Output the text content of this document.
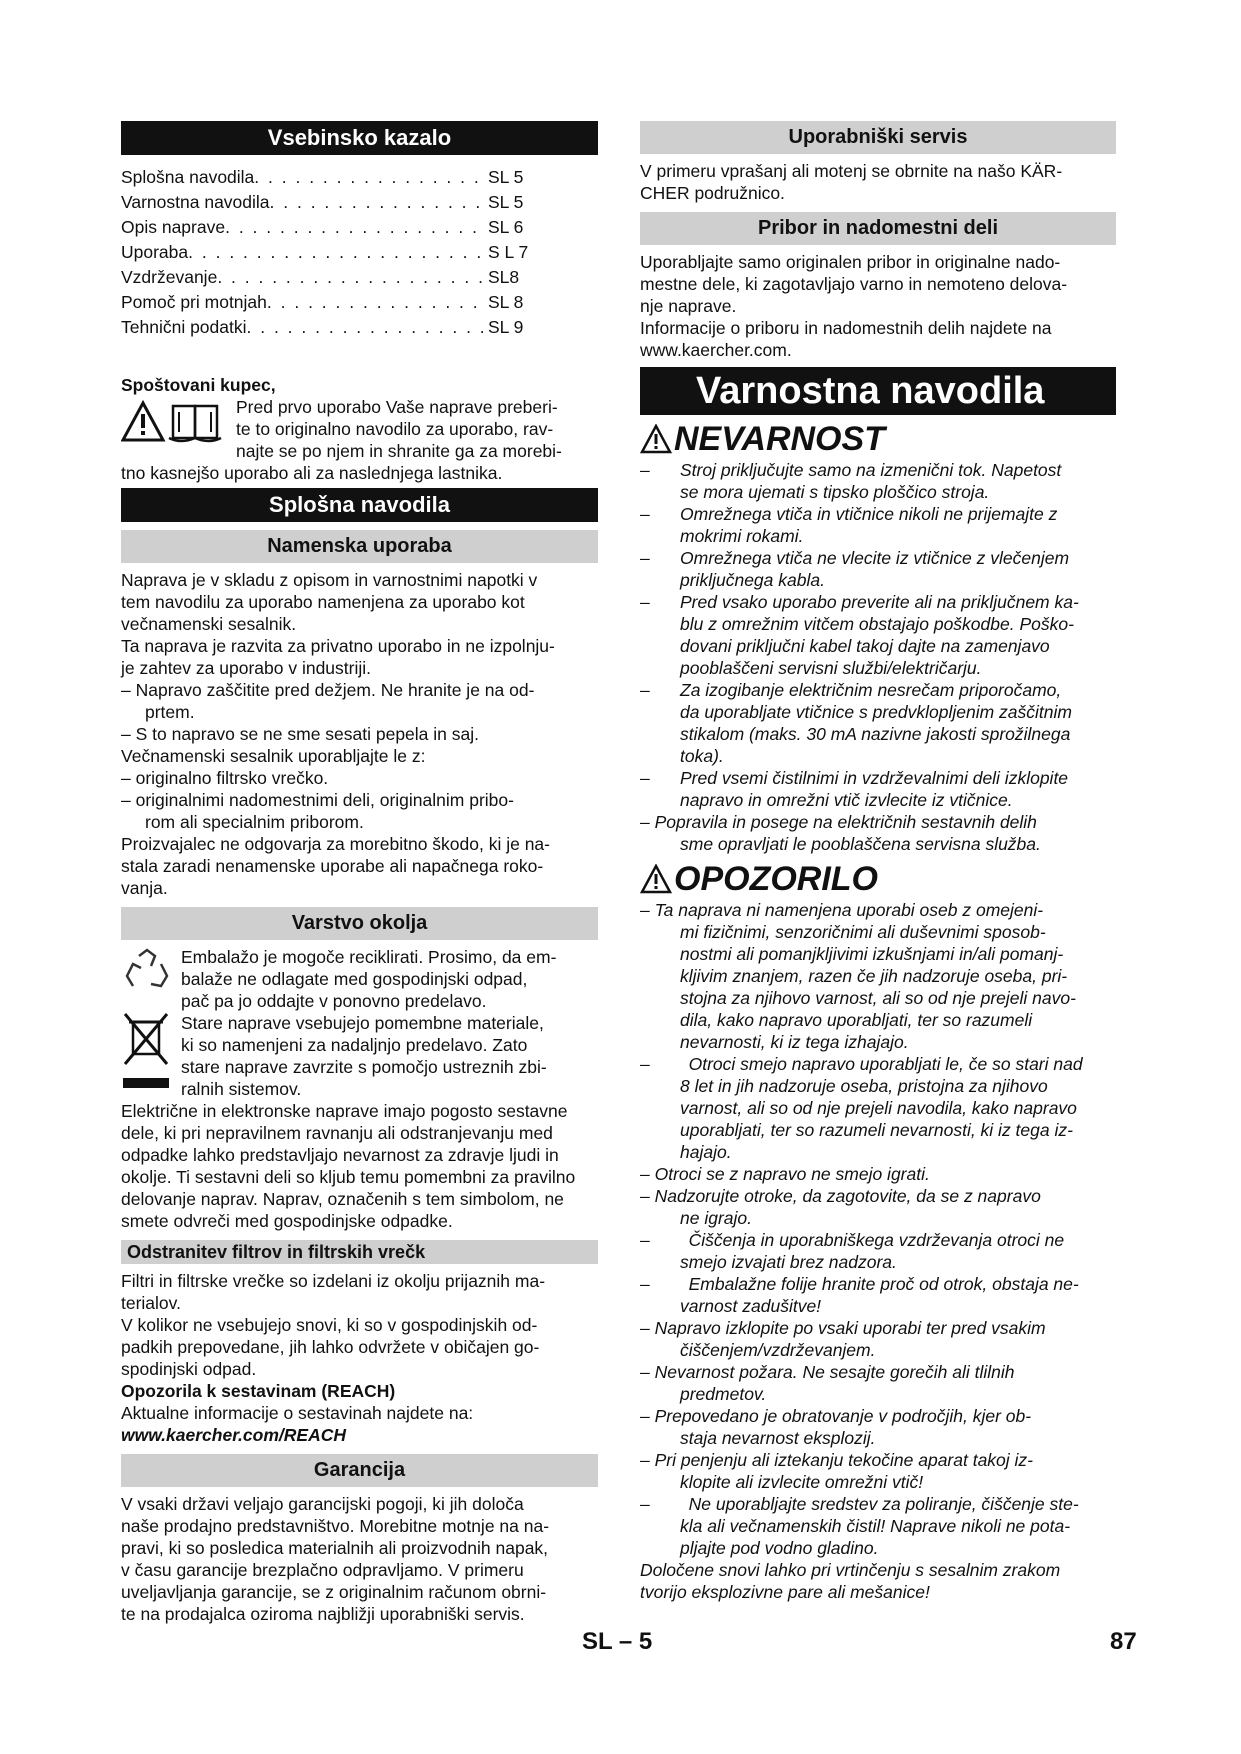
Vsebinsko kazalo
Splošna navodila . . .	SL 5
Varnostna navodila . . .	SL 5
Opis naprave . . .	SL 6
Uporaba . . .	S L 7
Vzdrževanje . . .	SL8
Pomoč pri motnjah . . .	SL 8
Tehnični podatki . . .	SL 9

Spoštovani kupec,

Pred prvo uporabo Vaše naprave preberi-

te to originalno navodilo za uporabo, rav-

najte se po njem in shranite ga za morebi-

tno kasnejšo uporabo ali za naslednjega lastnika.

Splošna navodila
Namenska uporaba

Naprava je v skladu z opisom in varnostnimi napotki v

tem navodilu za uporabo namenjena za uporabo kot

večnamenski sesalnik.

Ta naprava je razvita za privatno uporabo in ne izpolnju-

je zahtev za uporabo v industriji.

– Napravo zaščitite pred dežjem. Ne hranite je na od-

prtem.

– S to napravo se ne sme sesati pepela in saj.

Večnamenski sesalnik uporabljajte le z:

– originalno filtrsko vrečko.

– originalnimi nadomestnimi deli, originalnim pribo-

rom ali specialnim priborom.

Proizvajalec ne odgovarja za morebitno škodo, ki je na-

stala zaradi nenamenske uporabe ali napačnega roko-

vanja.

Varstvo okolja

Embalažo je mogoče reciklirati. Prosimo, da em-

balaže ne odlagate med gospodinjski odpad,

pač pa jo oddajte v ponovno predelavo.

Stare naprave vsebujejo pomembne materiale,

ki so namenjeni za nadaljnjo predelavo. Zato

stare naprave zavrzite s pomočjo ustreznih zbi-

ralnih sistemov.

Električne in elektronske naprave imajo pogosto sestavne

dele, ki pri nepravilnem ravnanju ali odstranjevanju med

odpadke lahko predstavljajo nevarnost za zdravje ljudi in

okolje. Ti sestavni deli so kljub temu pomembni za pravilno

delovanje naprav. Naprav, označenih s tem simbolom, ne

smete odvreči med gospodinjske odpadke.

Odstranitev filtrov in filtrskih vrečk

Filtri in filtrske vrečke so izdelani iz okolju prijaznih ma-

terialov.

V kolikor ne vsebujejo snovi, ki so v gospodinjskih od-

padkih prepovedane, jih lahko odvržete v običajen go-

spodinjski odpad.

Opozorila k sestavinam (REACH)

Aktualne informacije o sestavinah najdete na:

www.kaercher.com/REACH

Garancija

V vsaki državi veljajo garancijski pogoji, ki jih določa

naše prodajno predstavništvo. Morebitne motnje na na-

pravi, ki so posledica materialnih ali proizvodnih napak,

v času garancije brezplačno odpravljamo. V primeru

uveljavljanja garancije, se z originalnim računom obrni-

te na prodajalca oziroma najbližji uporabniški servis.

Uporabniški servis

V primeru vprašanj ali motenj se obrnite na našo KÄR-

CHER podružnico.

Pribor in nadomestni deli

Uporabljajte samo originalen pribor in originalne nado-

mestne dele, ki zagotavljajo varno in nemoteno delova-

nje naprave.

Informacije o priboru in nadomestnih delih najdete na

www.kaercher.com.

Varnostna navodila
NEVARNOST
– Stroj priključujte samo na izmenični tok. Napetost
se mora ujemati s tipsko ploščico stroja.
– Omrežnega vtiča in vtičnice nikoli ne prijemajte z
mokrimi rokami.
– Omrežnega vtiča ne vlecite iz vtičnice z vlečenjem
priključnega kabla.
– Pred vsako uporabo preverite ali na priključnem ka-
blu z omrežnim vitčem obstajajo poškodbe. Poško-
dovani priključni kabel takoj dajte na zamenjavo
pooblaščeni servisni službi/električarju.
– Za izogibanje električnim nesrečam priporočamo,
da uporabljate vtičnice s predvklopljenim zaščitnim
stikalom (maks. 30 mA nazivne jakosti sprožilnega
toka).
– Pred vsemi čistilnimi in vzdrževalnimi deli izklopite
napravo in omrežni vtič izvlecite iz vtičnice.
– Popravila in posege na električnih sestavnih delih
sme opravljati le pooblaščena servisna služba.
OPOZORILO
– Ta naprava ni namenjena uporabi oseb z omejeni-
mi fizičnimi, senzoričnimi ali duševnimi sposob-
nostmi ali pomanjkljivimi izkušnjami in/ali pomanj-
kljivim znanjem, razen če jih nadzoruje oseba, pri-
stojna za njihovo varnost, ali so od nje prejeli navo-
dila, kako napravo uporabljati, ter so razumeli
nevarnosti, ki iz tega izhajajo.
–        Otroci smejo napravo uporabljati le, če so stari nad
8 let in jih nadzoruje oseba, pristojna za njihovo
varnost, ali so od nje prejeli navodila, kako napravo
uporabljati, ter so razumeli nevarnosti, ki iz tega iz-
hajajo.
– Otroci se z napravo ne smejo igrati.
– Nadzorujte otroke, da zagotovite, da se z napravo
ne igrajo.
–        Čiščenja in uporabniškega vzdrževanja otroci ne
smejo izvajati brez nadzora.
–        Embalažne folije hranite proč od otrok, obstaja ne-
varnost zadušitve!
– Napravo izklopite po vsaki uporabi ter pred vsakim
čiščenjem/vzdrževanjem.
– Nevarnost požara. Ne sesajte gorečih ali tlilnih
predmetov.
– Prepovedano je obratovanje v področjih, kjer ob-
staja nevarnost eksplozij.
– Pri penjenju ali iztekanju tekočine aparat takoj iz-
klopite ali izvlecite omrežni vtič!
–        Ne uporabljajte sredstev za poliranje, čiščenje ste-
kla ali večnamenskih čistil! Naprave nikoli ne pota-
pljajte pod vodno gladino.
Določene snovi lahko pri vrtinčenju s sesalnim zrakom
tvorijo eksplozivne pare ali mešanice!
SL – 5	87
